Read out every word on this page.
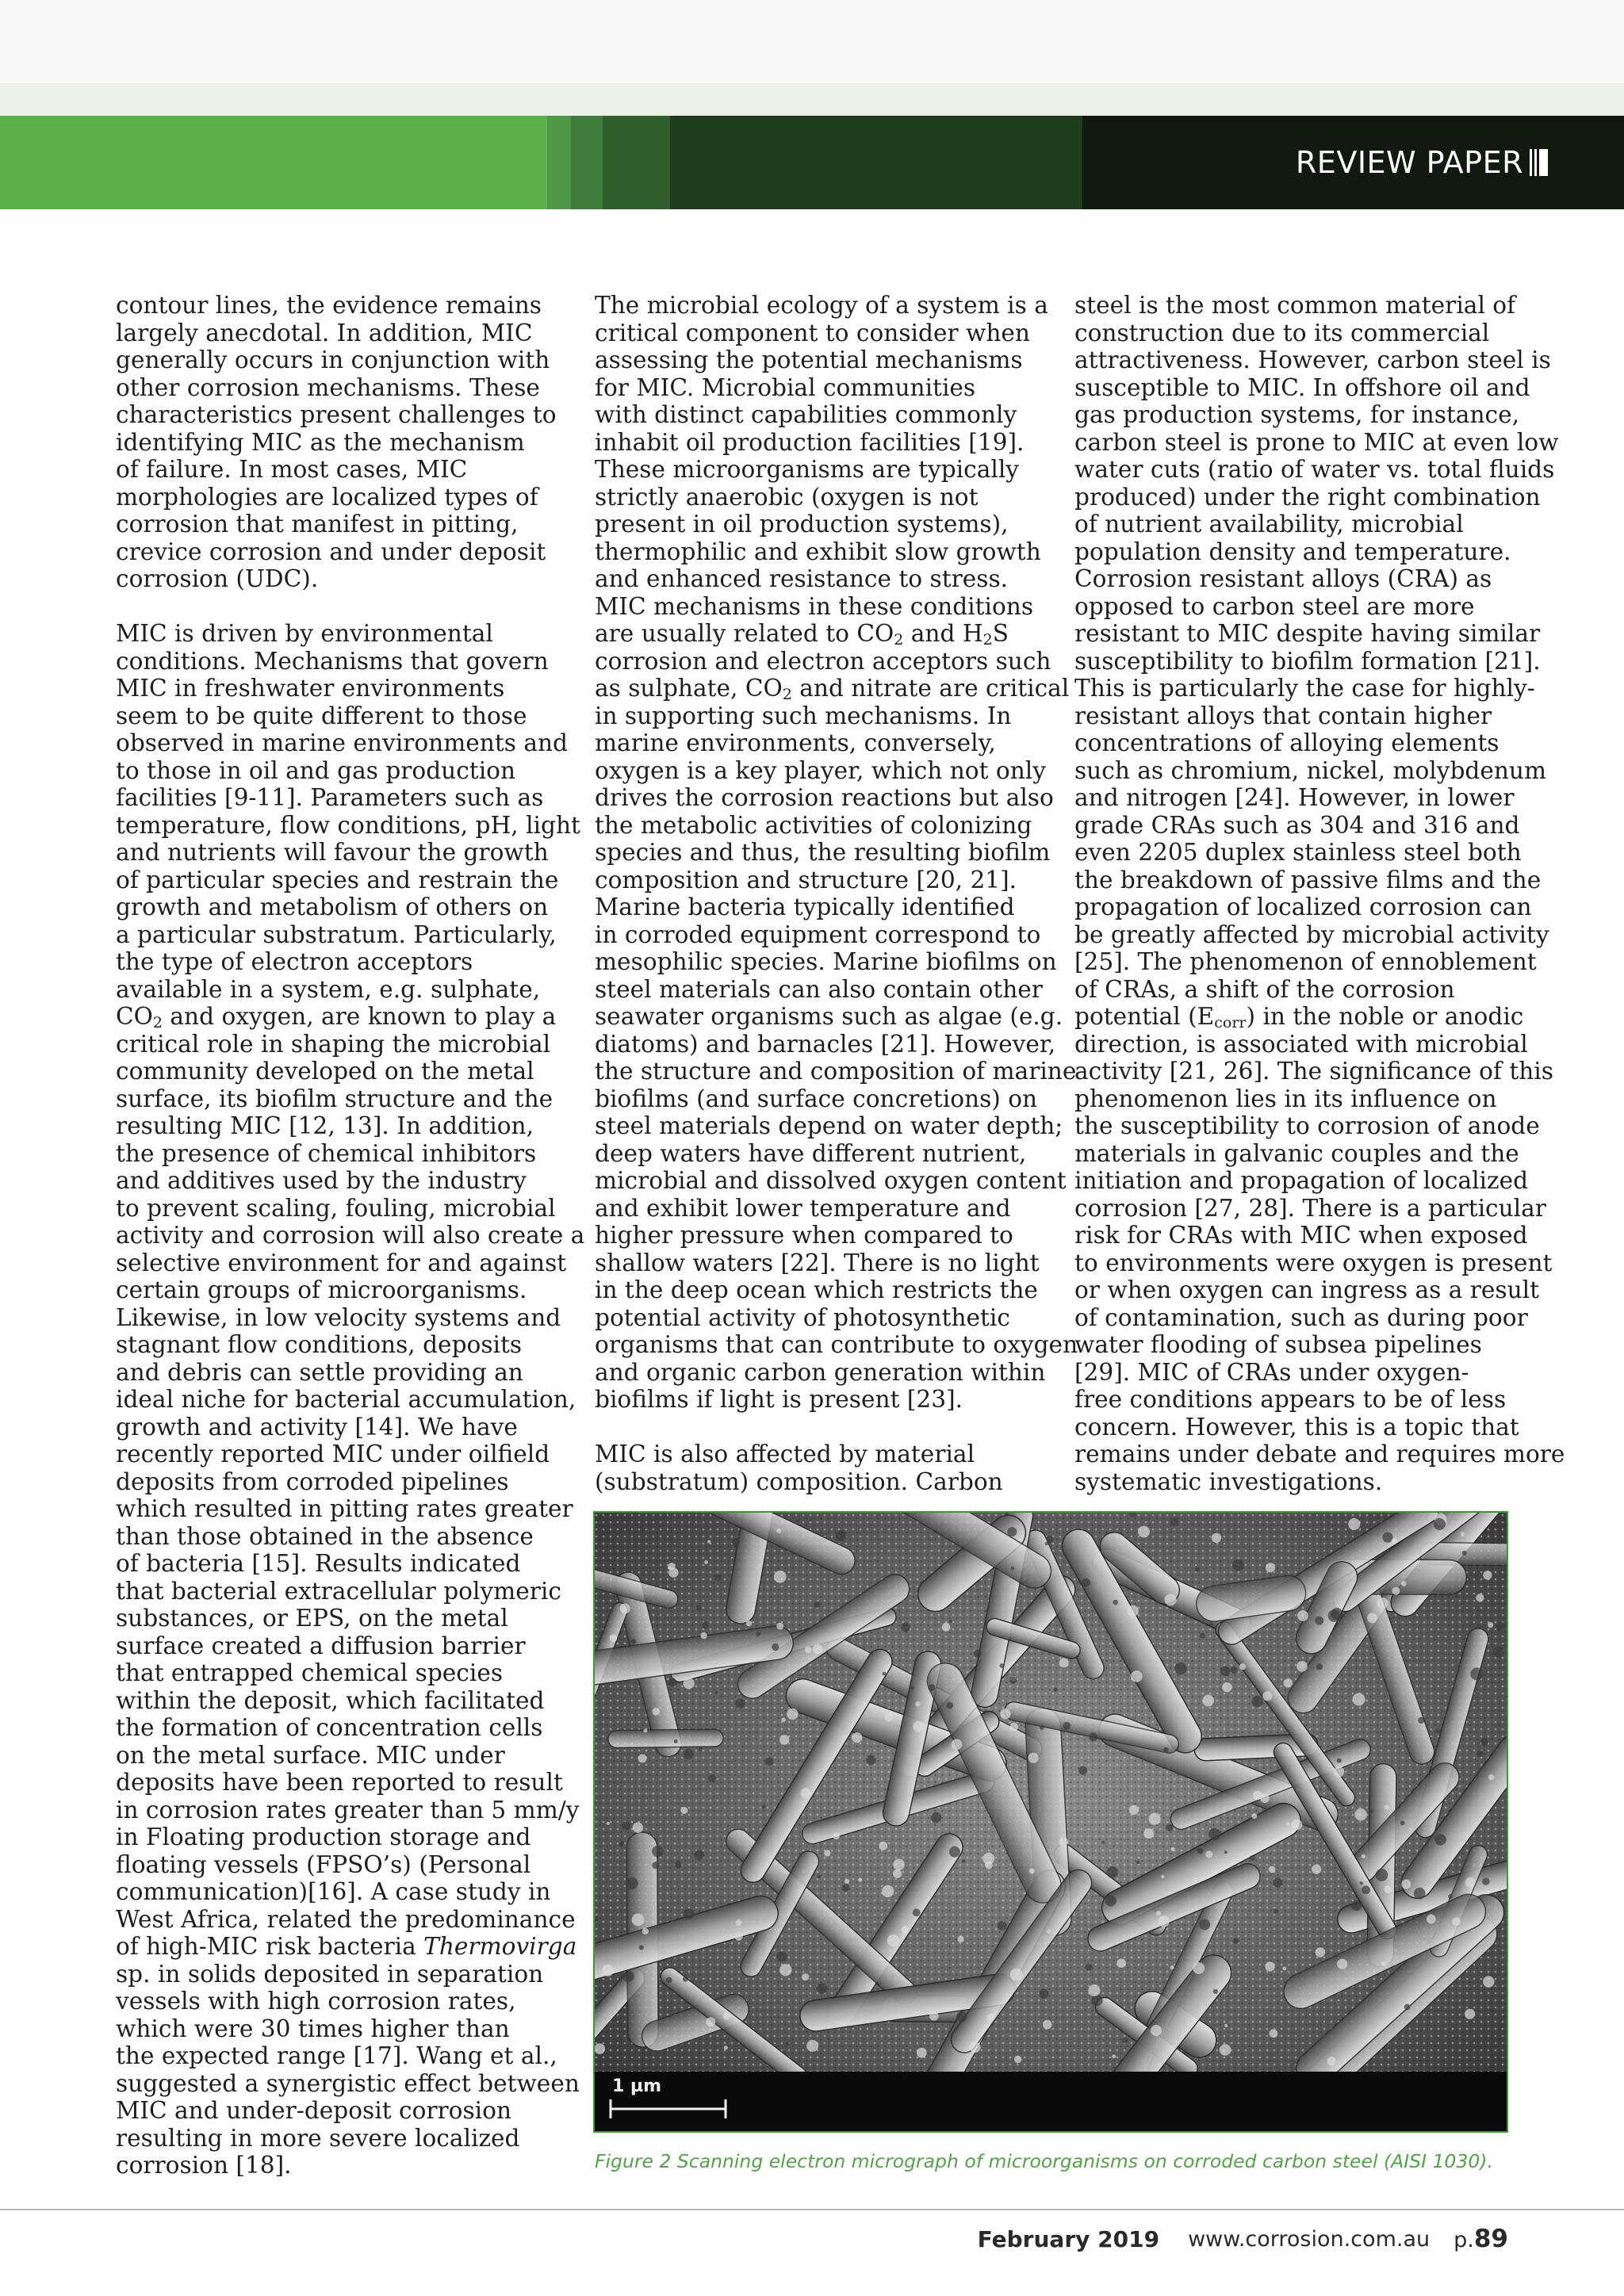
REVIEW PAPER

contour lines, the evidence remains

largely anecdotal. In addition, MIC

generally occurs in conjunction with

other corrosion mechanisms. These

characteristics present challenges to

identifying MIC as the mechanism

of failure. In most cases, MIC

morphologies are localized types of

corrosion that manifest in pitting,

crevice corrosion and under deposit

corrosion (UDC).

MIC is driven by environmental

conditions. Mechanisms that govern

MIC in freshwater environments

seem to be quite different to those

observed in marine environments and

to those in oil and gas production

facilities [9-11]. Parameters such as

temperature, flow conditions, pH, light

and nutrients will favour the growth

of particular species and restrain the

growth and metabolism of others on

a particular substratum. Particularly,

the type of electron acceptors

available in a system, e.g. sulphate,

$CO_2$ and oxygen, are known to play a

critical role in shaping the microbial

community developed on the metal

surface, its biofilm structure and the

resulting MIC [12, 13]. In addition,

the presence of chemical inhibitors

and additives used by the industry

to prevent scaling, fouling, microbial

activity and corrosion will also create a

selective environment for and against

certain groups of microorganisms.

Likewise, in low velocity systems and

stagnant flow conditions, deposits

and debris can settle providing an

ideal niche for bacterial accumulation,

growth and activity [14]. We have

recently reported MIC under oilfield

deposits from corroded pipelines

which resulted in pitting rates greater

than those obtained in the absence

of bacteria [15]. Results indicated

that bacterial extracellular polymeric

substances, or EPS, on the metal

surface created a diffusion barrier

that entrapped chemical species

within the deposit, which facilitated

the formation of concentration cells

on the metal surface. MIC under

deposits have been reported to result

in corrosion rates greater than 5 mm/y

in Floating production storage and

floating vessels (FPSO’s) (Personal

communication)[16]. A case study in

West Africa, related the predominance

of high-MIC risk bacteria Thermovirga

sp. in solids deposited in separation

vessels with high corrosion rates,

which were 30 times higher than

the expected range [17]. Wang et al.,

suggested a synergistic effect between

MIC and under-deposit corrosion

resulting in more severe localized

corrosion [18].

The microbial ecology of a system is a

critical component to consider when

assessing the potential mechanisms

for MIC. Microbial communities

with distinct capabilities commonly

inhabit oil production facilities [19].

These microorganisms are typically

strictly anaerobic (oxygen is not

present in oil production systems),

thermophilic and exhibit slow growth

and enhanced resistance to stress.

MIC mechanisms in these conditions

are usually related to $CO_2$ and $H_2S$

corrosion and electron acceptors such

as sulphate, $CO_2$ and nitrate are critical

in supporting such mechanisms. In

marine environments, conversely,

oxygen is a key player, which not only

drives the corrosion reactions but also

the metabolic activities of colonizing

species and thus, the resulting biofilm

composition and structure [20, 21].

Marine bacteria typically identified

in corroded equipment correspond to

mesophilic species. Marine biofilms on

steel materials can also contain other

seawater organisms such as algae (e.g.

diatoms) and barnacles [21]. However,

the structure and composition of marine

biofilms (and surface concretions) on

steel materials depend on water depth;

deep waters have different nutrient,

microbial and dissolved oxygen content

and exhibit lower temperature and

higher pressure when compared to

shallow waters [22]. There is no light

in the deep ocean which restricts the

potential activity of photosynthetic

organisms that can contribute to oxygen

and organic carbon generation within

biofilms if light is present [23].

MIC is also affected by material

(substratum) composition. Carbon

steel is the most common material of

construction due to its commercial

attractiveness. However, carbon steel is

susceptible to MIC. In offshore oil and

gas production systems, for instance,

carbon steel is prone to MIC at even low

water cuts (ratio of water vs. total fluids

produced) under the right combination

of nutrient availability, microbial

population density and temperature.

Corrosion resistant alloys (CRA) as

opposed to carbon steel are more

resistant to MIC despite having similar

susceptibility to biofilm formation [21].

This is particularly the case for highly-

resistant alloys that contain higher

concentrations of alloying elements

such as chromium, nickel, molybdenum

and nitrogen [24]. However, in lower

grade CRAs such as 304 and 316 and

even 2205 duplex stainless steel both

the breakdown of passive films and the

propagation of localized corrosion can

be greatly affected by microbial activity

[25]. The phenomenon of ennoblement

of CRAs, a shift of the corrosion

potential $(E_{corr})$ in the noble or anodic

direction, is associated with microbial

activity [21, 26]. The significance of this

phenomenon lies in its influence on

the susceptibility to corrosion of anode

materials in galvanic couples and the

initiation and propagation of localized

corrosion [27, 28]. There is a particular

risk for CRAs with MIC when exposed

to environments were oxygen is present

or when oxygen can ingress as a result

of contamination, such as during poor

water flooding of subsea pipelines

[29]. MIC of CRAs under oxygen-

free conditions appears to be of less

concern. However, this is a topic that

remains under debate and requires more

systematic investigations.

1 µm
Figure 2 Scanning electron micrograph of microorganisms on corroded carbon steel (AISI 1030).
February 2019 www.corrosion.com.au p.89
